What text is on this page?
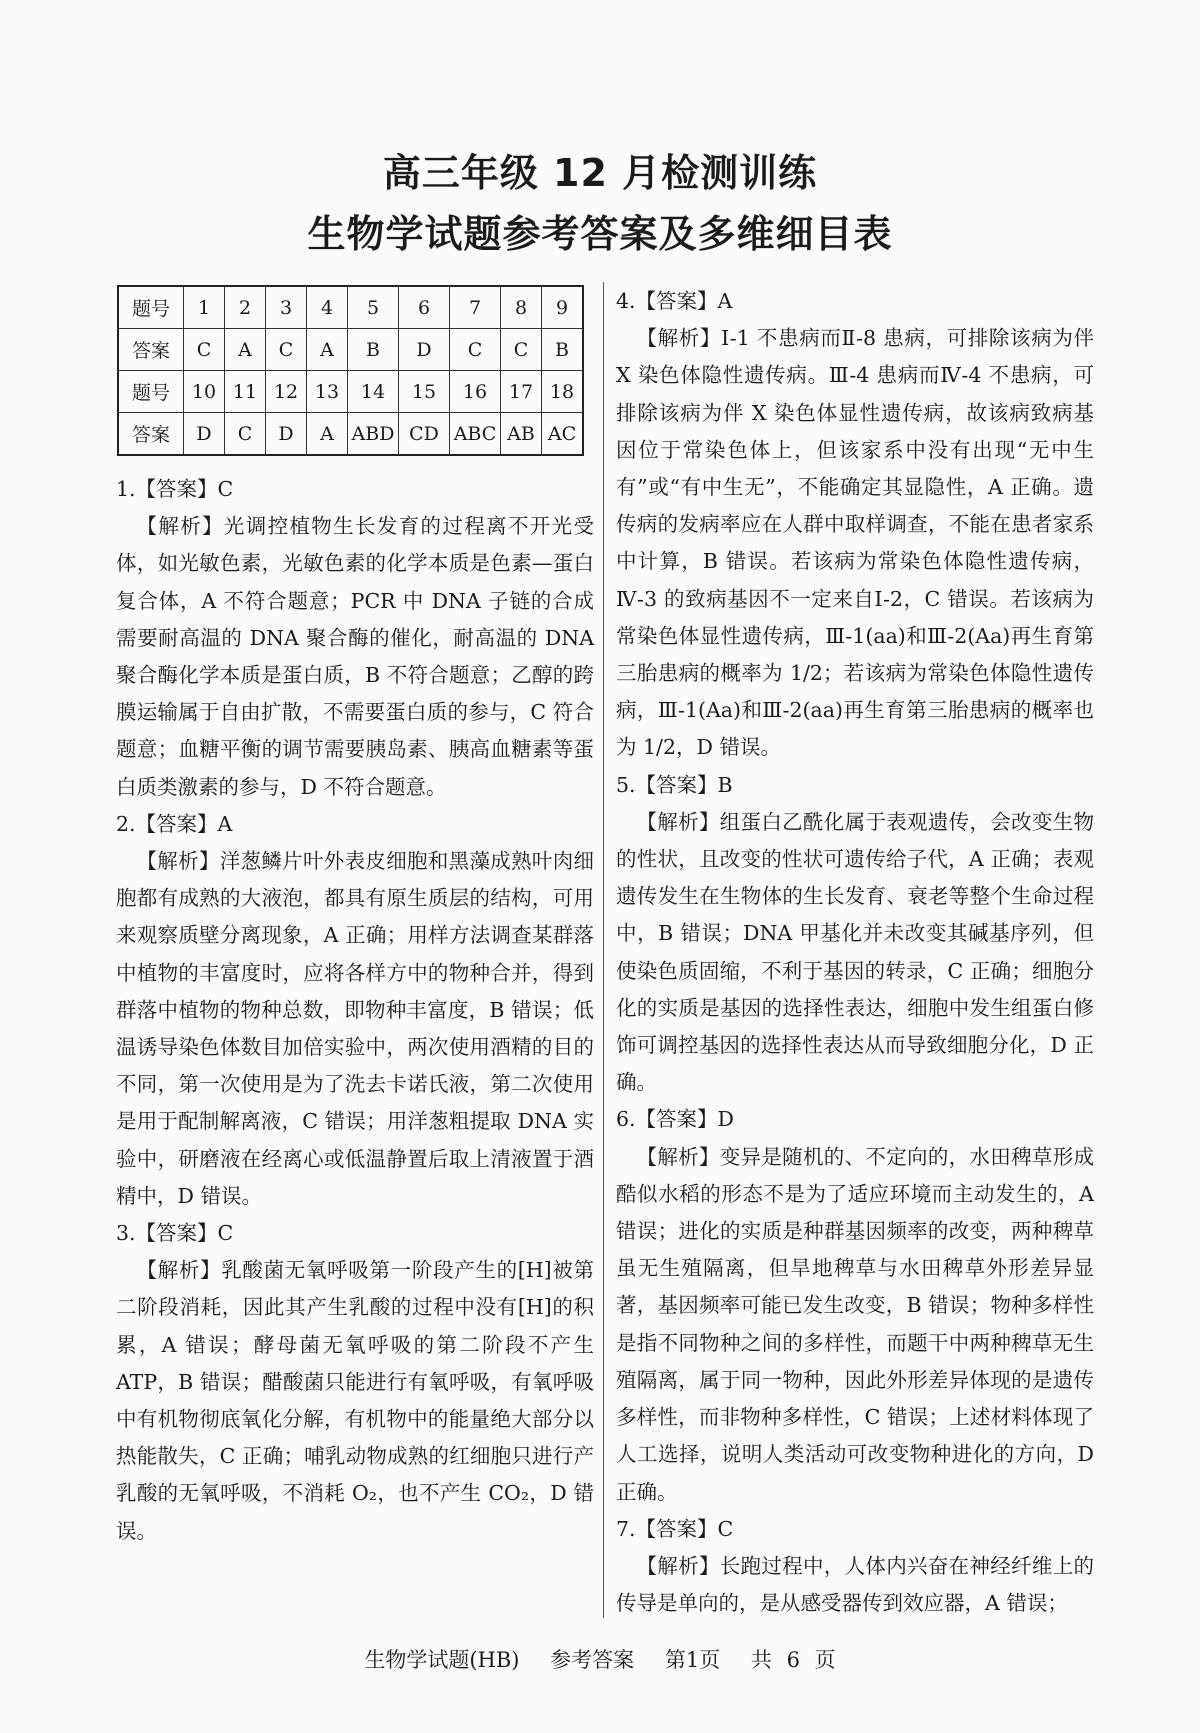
高三年级 12 月检测训练
生物学试题参考答案及多维细目表
题号	1	2	3	4	5	6	7	8	9
答案	C	A	C	A	B	D	C	C	B
题号	10	11	12	13	14	15	16	17	18
答案	D	C	D	A	ABD	CD	ABC	AB	AC
1.【答案】C
【解析】光调控植物生长发育的过程离不开光受体，如光敏色素，光敏色素的化学本质是色素—蛋白复合体，A 不符合题意；PCR 中 DNA 子链的合成需要耐高温的 DNA 聚合酶的催化，耐高温的 DNA 聚合酶化学本质是蛋白质，B 不符合题意；乙醇的跨膜运输属于自由扩散，不需要蛋白质的参与，C 符合题意；血糖平衡的调节需要胰岛素、胰高血糖素等蛋白质类激素的参与，D 不符合题意。
2.【答案】A
【解析】洋葱鳞片叶外表皮细胞和黑藻成熟叶肉细胞都有成熟的大液泡，都具有原生质层的结构，可用来观察质壁分离现象，A 正确；用样方法调查某群落中植物的丰富度时，应将各样方中的物种合并，得到群落中植物的物种总数，即物种丰富度，B 错误；低温诱导染色体数目加倍实验中，两次使用酒精的目的不同，第一次使用是为了洗去卡诺氏液，第二次使用是用于配制解离液，C 错误；用洋葱粗提取 DNA 实验中，研磨液在经离心或低温静置后取上清液置于酒精中，D 错误。
3.【答案】C
【解析】乳酸菌无氧呼吸第一阶段产生的[H]被第二阶段消耗，因此其产生乳酸的过程中没有[H]的积累，A 错误；酵母菌无氧呼吸的第二阶段不产生 ATP，B 错误；醋酸菌只能进行有氧呼吸，有氧呼吸中有机物彻底氧化分解，有机物中的能量绝大部分以热能散失，C 正确；哺乳动物成熟的红细胞只进行产乳酸的无氧呼吸，不消耗 O₂，也不产生 CO₂，D 错误。
4.【答案】A
【解析】Ⅰ-1 不患病而Ⅱ-8 患病，可排除该病为伴 X 染色体隐性遗传病。Ⅲ-4 患病而Ⅳ-4 不患病，可排除该病为伴 X 染色体显性遗传病，故该病致病基因位于常染色体上，但该家系中没有出现“无中生有”或“有中生无”，不能确定其显隐性，A 正确。遗传病的发病率应在人群中取样调查，不能在患者家系中计算，B 错误。若该病为常染色体隐性遗传病，Ⅳ-3 的致病基因不一定来自Ⅰ-2，C 错误。若该病为常染色体显性遗传病，Ⅲ-1(aa)和Ⅲ-2(Aa)再生育第三胎患病的概率为 1/2；若该病为常染色体隐性遗传病，Ⅲ-1(Aa)和Ⅲ-2(aa)再生育第三胎患病的概率也为 1/2，D 错误。
5.【答案】B
【解析】组蛋白乙酰化属于表观遗传，会改变生物的性状，且改变的性状可遗传给子代，A 正确；表观遗传发生在生物体的生长发育、衰老等整个生命过程中，B 错误；DNA 甲基化并未改变其碱基序列，但使染色质固缩，不利于基因的转录，C 正确；细胞分化的实质是基因的选择性表达，细胞中发生组蛋白修饰可调控基因的选择性表达从而导致细胞分化，D 正确。
6.【答案】D
【解析】变异是随机的、不定向的，水田稗草形成酷似水稻的形态不是为了适应环境而主动发生的，A 错误；进化的实质是种群基因频率的改变，两种稗草虽无生殖隔离，但旱地稗草与水田稗草外形差异显著，基因频率可能已发生改变，B 错误；物种多样性是指不同物种之间的多样性，而题干中两种稗草无生殖隔离，属于同一物种，因此外形差异体现的是遗传多样性，而非物种多样性，C 错误；上述材料体现了人工选择，说明人类活动可改变物种进化的方向，D 正确。
7.【答案】C
【解析】长跑过程中，人体内兴奋在神经纤维上的传导是单向的，是从感受器传到效应器，A 错误；
生物学试题(HB) 参考答案 第1页 共 6 页
